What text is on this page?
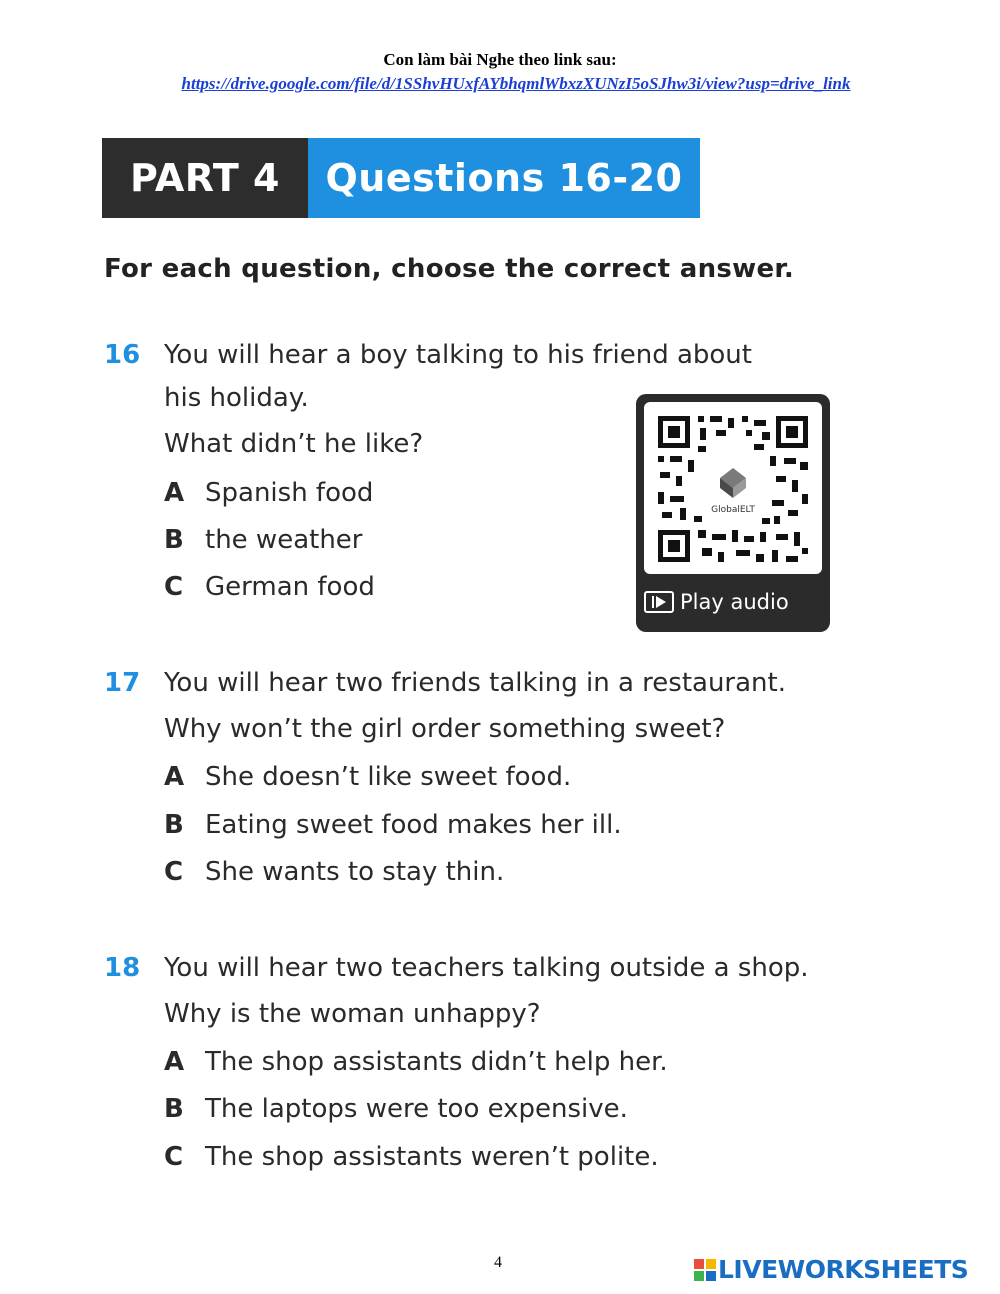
Con làm bài Nghe theo link sau:
https://drive.google.com/file/d/1SShvHUxfAYbhqmlWbxzXUNzI5oSJhw3i/view?usp=drive_link
PART 4	Questions 16-20
For each question, choose the correct answer.
16 You will hear a boy talking to his friend about
his holiday.
What didn’t he like?
A Spanish food
B the weather
C German food
GlobalELT
Play audio
17 You will hear two friends talking in a restaurant.
Why won’t the girl order something sweet?
A She doesn’t like sweet food.
B Eating sweet food makes her ill.
C She wants to stay thin.
18 You will hear two teachers talking outside a shop.
Why is the woman unhappy?
A The shop assistants didn’t help her.
B The laptops were too expensive.
C The shop assistants weren’t polite.
4	LIVEWORKSHEETS
